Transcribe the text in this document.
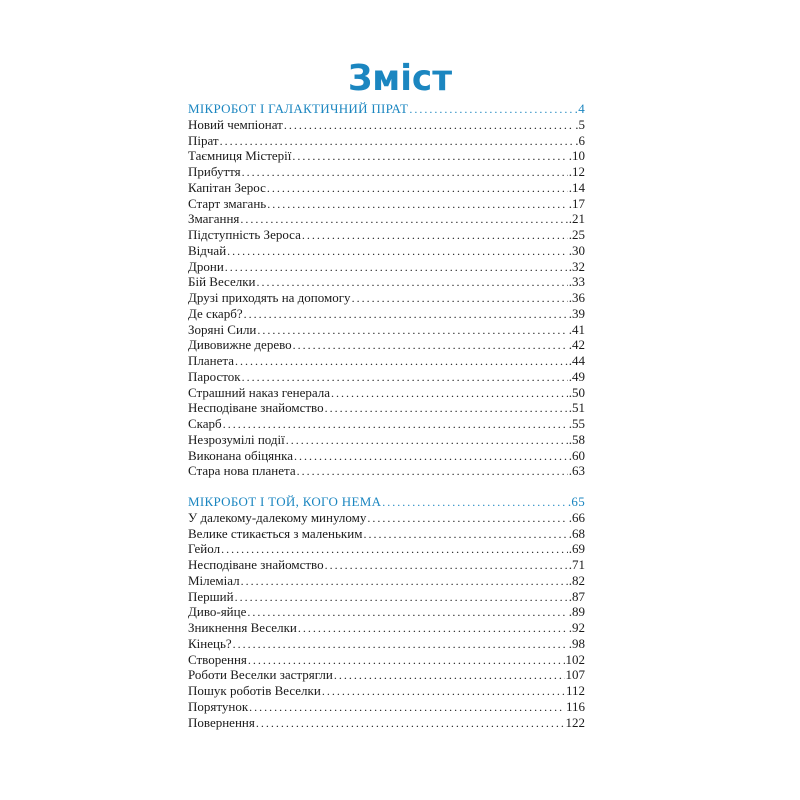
Зміст
МІКРОБОТ І ГАЛАКТИЧНИЙ ПІРАТ . . .	.4
Новий чемпіонат . . .	.5
Пірат . . .	.6
Таємниця Містерії . . .	.10
Прибуття . . .	.12
Капітан Зерос . . .	.14
Старт змагань . . .	.17
Змагання . . .	.21
Підступність Зероса . . .	.25
Відчай . . .	.30
Дрони . . .	.32
Бій Веселки . . .	.33
Друзі приходять на допомогу . . .	.36
Де скарб? . . .	.39
Зоряні Сили . . .	.41
Дивовижне дерево . . .	.42
Планета . . .	.44
Паросток . . .	.49
Страшний наказ генерала . . .	.50
Несподіване знайомство . . .	.51
Скарб . . .	.55
Незрозумілі події . . .	.58
Виконана обіцянка . . .	.60
Стара нова планета . . .	.63
МІКРОБОТ І ТОЙ, КОГО НЕМА . . .	.65
У далекому-далекому минулому . . .	.66
Велике стикається з маленьким . . .	.68
Гейол . . .	.69
Несподіване знайомство . . .	.71
Мілеміал . . .	.82
Перший . . .	.87
Диво-яйце . . .	.89
Зникнення Веселки . . .	.92
Кінець? . . .	.98
Створення . . .	102
Роботи Веселки застрягли . . .	107
Пошук роботів Веселки . . .	112
Порятунок . . .	116
Повернення . . .	122
